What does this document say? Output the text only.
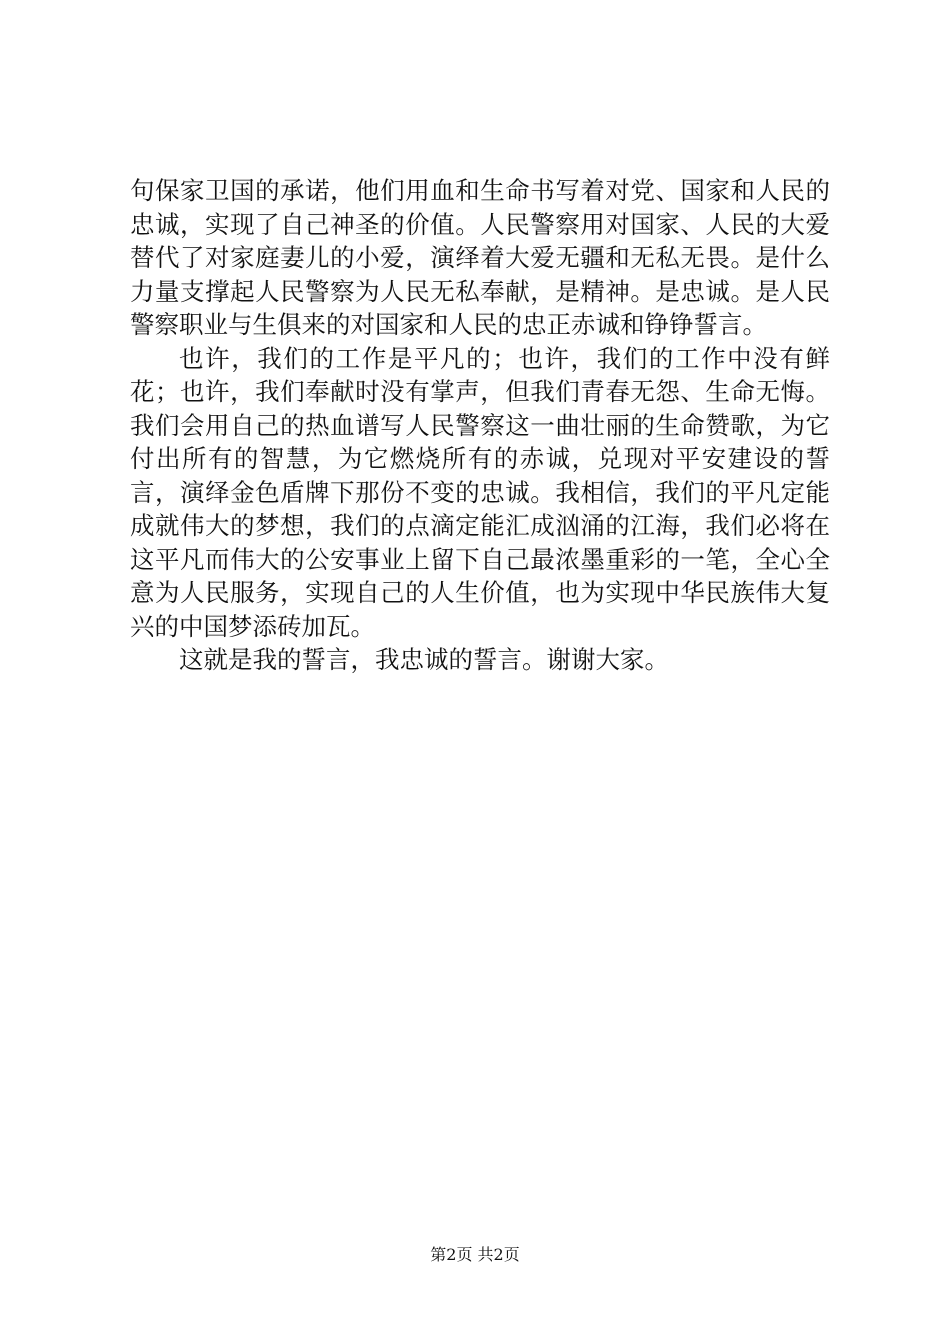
句保家卫国的承诺，他们用血和生命书写着对党、国家和人民的忠诚，实现了自己神圣的价值。人民警察用对国家、人民的大爱替代了对家庭妻儿的小爱，演绎着大爱无疆和无私无畏。是什么力量支撑起人民警察为人民无私奉献，是精神。是忠诚。是人民警察职业与生俱来的对国家和人民的忠正赤诚和铮铮誓言。

也许，我们的工作是平凡的；也许，我们的工作中没有鲜花；也许，我们奉献时没有掌声，但我们青春无怨、生命无悔。我们会用自己的热血谱写人民警察这一曲壮丽的生命赞歌，为它付出所有的智慧，为它燃烧所有的赤诚，兑现对平安建设的誓言，演绎金色盾牌下那份不变的忠诚。我相信，我们的平凡定能成就伟大的梦想，我们的点滴定能汇成汹涌的江海，我们必将在这平凡而伟大的公安事业上留下自己最浓墨重彩的一笔，全心全意为人民服务，实现自己的人生价值，也为实现中华民族伟大复兴的中国梦添砖加瓦。

这就是我的誓言，我忠诚的誓言。谢谢大家。

第2页 共2页
